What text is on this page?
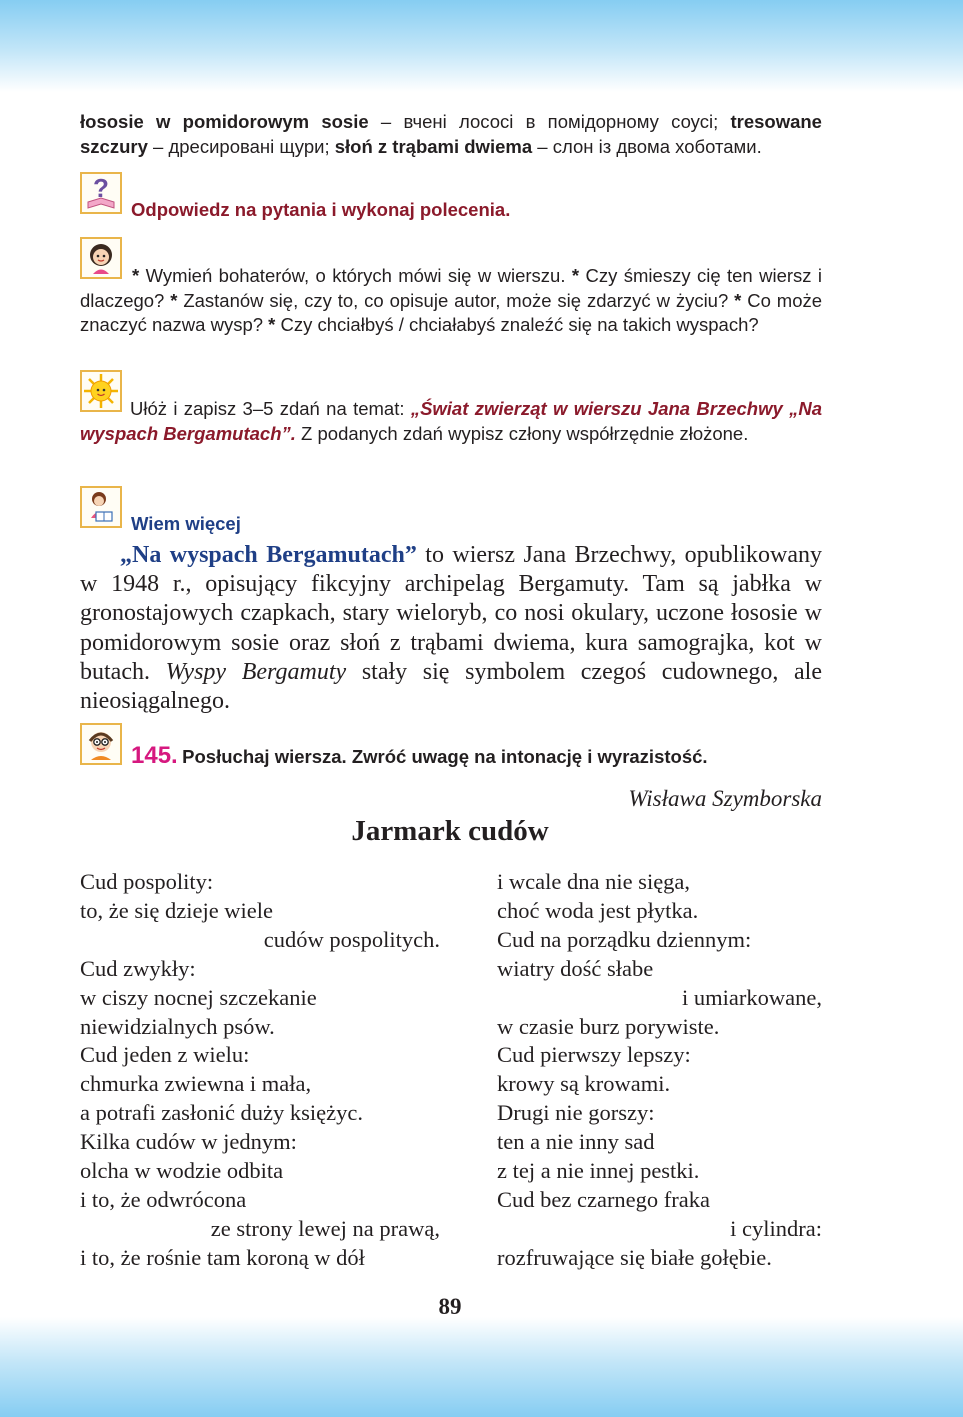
łososie w pomidorowym sosie – вчені лососі в помідорному соусі; tresowane szczury – дресировані щури; słoń z trąbami dwiema – слон із двома хоботами.
?
Odpowiedz na pytania i wykonaj polecenia.
* Wymień bohaterów, o których mówi się w wierszu. * Czy śmieszy cię ten wiersz i dlaczego? * Zastanów się, czy to, co opisuje autor, może się zdarzyć w życiu? * Co może znaczyć nazwa wysp? * Czy chciałbyś / chciałabyś znaleźć się na takich wyspach?
Ułóż i zapisz 3–5 zdań na temat: „Świat zwierząt w wierszu Jana Brzechwy „Na wyspach Bergamutach”. Z podanych zdań wypisz człony współrzędnie złożone.
Wiem więcej
„Na wyspach Bergamutach” to wiersz Jana Brzechwy, opublikowany w 1948 r., opisujący fikcyjny archipelag Bergamuty. Tam są jabłka w gronostajowych czapkach, stary wieloryb, co nosi okulary, uczone łososie w pomidorowym sosie oraz słoń z trąbami dwiema, kura samograjka, kot w butach. Wyspy Bergamuty stały się symbolem czegoś cudownego, ale nieosiągalnego.
145. Posłuchaj wiersza. Zwróć uwagę na intonację i wyrazistość.
Wisława Szymborska
Jarmark cudów
Cud pospolity:
to, że się dzieje wiele
cudów pospolitych.
Cud zwykły:
w ciszy nocnej szczekanie
niewidzialnych psów.
Cud jeden z wielu:
chmurka zwiewna i mała,
a potrafi zasłonić duży księżyc.
Kilka cudów w jednym:
olcha w wodzie odbita
i to, że odwrócona
ze strony lewej na prawą,
i to, że rośnie tam koroną w dół
i wcale dna nie sięga,
choć woda jest płytka.
Cud na porządku dziennym:
wiatry dość słabe
i umiarkowane,
w czasie burz porywiste.
Cud pierwszy lepszy:
krowy są krowami.
Drugi nie gorszy:
ten a nie inny sad
z tej a nie innej pestki.
Cud bez czarnego fraka
i cylindra:
rozfruwające się białe gołębie.
89
